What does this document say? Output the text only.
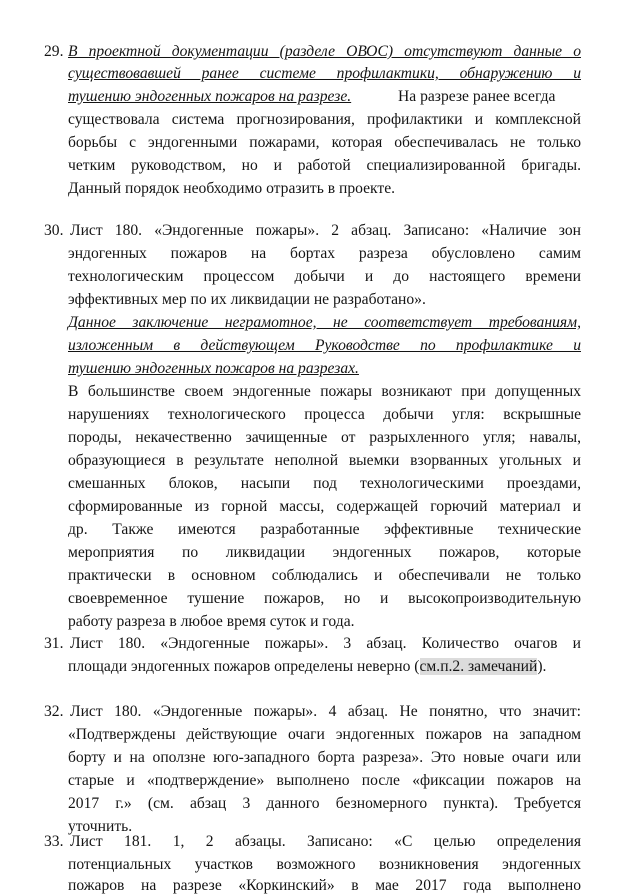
29. В проектной документации (разделе ОВОС) отсутствуют данные о
существовавшей ранее системе профилактики, обнаружению и
тушению эндогенных пожаров на разрезе.	На разрезе ранее всегда
существовала система прогнозирования, профилактики и комплексной
борьбы с эндогенными пожарами, которая обеспечивалась не только
четким руководством, но и работой специализированной бригады.
Данный порядок необходимо отразить в проекте.
30. Лист 180. «Эндогенные пожары». 2 абзац. Записано: «Наличие зон
эндогенных пожаров на бортах разреза обусловлено самим
технологическим процессом добычи и до настоящего времени
эффективных мер по их ликвидации не разработано».
Данное заключение неграмотное, не соответствует требованиям,
изложенным в действующем Руководстве по профилактике и
тушению эндогенных пожаров на разрезах.
В большинстве своем эндогенные пожары возникают при допущенных
нарушениях технологического процесса добычи угля: вскрышные
породы, некачественно зачищенные от разрыхленного угля; навалы,
образующиеся в результате неполной выемки взорванных угольных и
смешанных блоков, насыпи под технологическими проездами,
сформированные из горной массы, содержащей горючий материал и
др. Также имеются разработанные эффективные технические
мероприятия по ликвидации эндогенных пожаров, которые
практически в основном соблюдались и обеспечивали не только
своевременное тушение пожаров, но и высокопроизводительную
работу разреза в любое время суток и года.
31. Лист 180. «Эндогенные пожары». 3 абзац. Количество очагов и
площади эндогенных пожаров определены неверно (см.п.2. замечаний).
32. Лист 180. «Эндогенные пожары». 4 абзац. Не понятно, что значит:
«Подтверждены действующие очаги эндогенных пожаров на западном
борту и на оползне юго-западного борта разреза». Это новые очаги или
старые и «подтверждение» выполнено после «фиксации пожаров на
2017 г.» (см. абзац 3 данного безномерного пункта). Требуется
уточнить.
33. Лист 181. 1, 2 абзацы. Записано: «С целью определения
потенциальных участков возможного возникновения эндогенных
пожаров на разрезе «Коркинский» в мае 2017 года выполнено
